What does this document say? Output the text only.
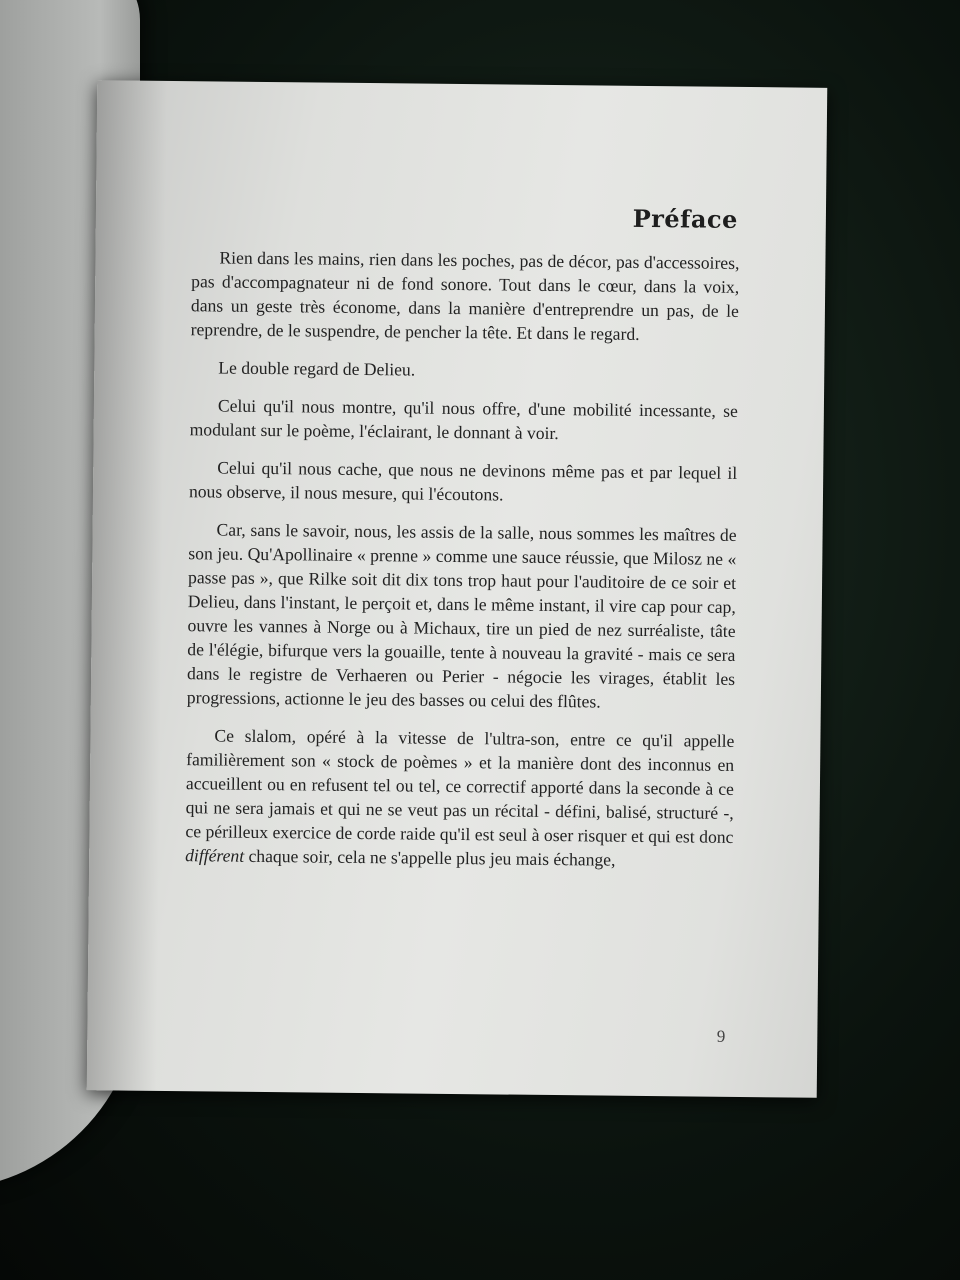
Préface

Rien dans les mains, rien dans les poches, pas de décor, pas d'accessoires, pas d'accompagnateur ni de fond sonore. Tout dans le cœur, dans la voix, dans un geste très économe, dans la manière d'entreprendre un pas, de le reprendre, de le suspendre, de pencher la tête. Et dans le regard.

Le double regard de Delieu.

Celui qu'il nous montre, qu'il nous offre, d'une mobilité incessante, se modulant sur le poème, l'éclairant, le donnant à voir.

Celui qu'il nous cache, que nous ne devinons même pas et par lequel il nous observe, il nous mesure, qui l'écoutons.

Car, sans le savoir, nous, les assis de la salle, nous sommes les maîtres de son jeu. Qu'Apollinaire « prenne » comme une sauce réussie, que Milosz ne « passe pas », que Rilke soit dit dix tons trop haut pour l'auditoire de ce soir et Delieu, dans l'instant, le perçoit et, dans le même instant, il vire cap pour cap, ouvre les vannes à Norge ou à Michaux, tire un pied de nez surréaliste, tâte de l'élégie, bifurque vers la gouaille, tente à nouveau la gravité - mais ce sera dans le registre de Verhaeren ou Perier - négocie les virages, établit les progressions, actionne le jeu des basses ou celui des flûtes.

Ce slalom, opéré à la vitesse de l'ultra-son, entre ce qu'il appelle familièrement son « stock de poèmes » et la manière dont des inconnus en accueillent ou en refusent tel ou tel, ce correctif apporté dans la seconde à ce qui ne sera jamais et qui ne se veut pas un récital - défini, balisé, structuré -, ce périlleux exercice de corde raide qu'il est seul à oser risquer et qui est donc différent chaque soir, cela ne s'appelle plus jeu mais échange,

9
